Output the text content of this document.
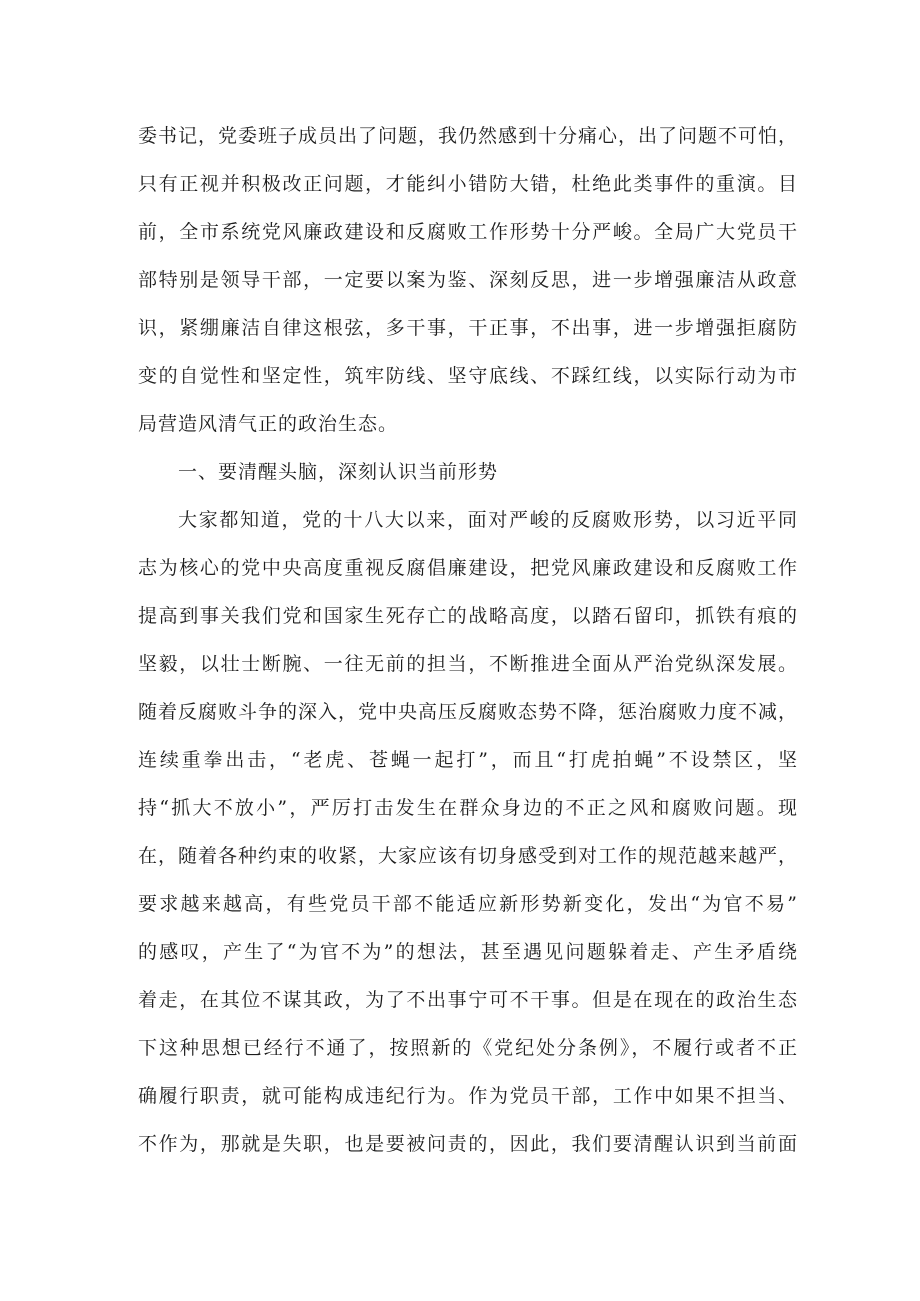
委书记，党委班子成员出了问题，我仍然感到十分痛心，出了问题不可怕，
只有正视并积极改正问题，才能纠小错防大错，杜绝此类事件的重演。目
前，全市系统党风廉政建设和反腐败工作形势十分严峻。全局广大党员干
部特别是领导干部，一定要以案为鉴、深刻反思，进一步增强廉洁从政意
识，紧绷廉洁自律这根弦，多干事，干正事，不出事，进一步增强拒腐防
变的自觉性和坚定性，筑牢防线、坚守底线、不踩红线，以实际行动为市
局营造风清气正的政治生态。
一、要清醒头脑，深刻认识当前形势
大家都知道，党的十八大以来，面对严峻的反腐败形势，以习近平同
志为核心的党中央高度重视反腐倡廉建设，把党风廉政建设和反腐败工作
提高到事关我们党和国家生死存亡的战略高度，以踏石留印，抓铁有痕的
坚毅，以壮士断腕、一往无前的担当，不断推进全面从严治党纵深发展。
随着反腐败斗争的深入，党中央高压反腐败态势不降，惩治腐败力度不减，
连续重拳出击，“老虎、苍蝇一起打”，而且“打虎拍蝇”不设禁区，坚
持“抓大不放小”，严厉打击发生在群众身边的不正之风和腐败问题。现
在，随着各种约束的收紧，大家应该有切身感受到对工作的规范越来越严，
要求越来越高，有些党员干部不能适应新形势新变化，发出“为官不易”
的感叹，产生了“为官不为”的想法，甚至遇见问题躲着走、产生矛盾绕
着走，在其位不谋其政，为了不出事宁可不干事。但是在现在的政治生态
下这种思想已经行不通了，按照新的《党纪处分条例》，不履行或者不正
确履行职责，就可能构成违纪行为。作为党员干部，工作中如果不担当、
不作为，那就是失职，也是要被问责的，因此，我们要清醒认识到当前面
